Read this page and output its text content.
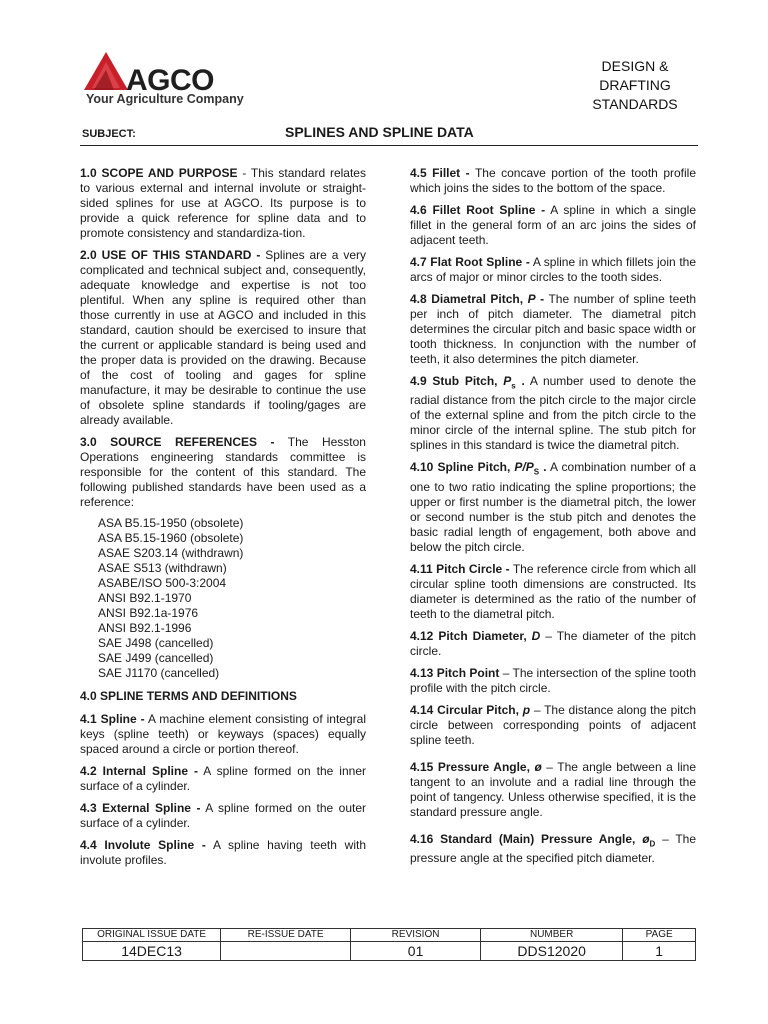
AGCO
Your Agriculture Company
DESIGN &
DRAFTING
STANDARDS
SUBJECT:	SPLINES AND SPLINE DATA

1.0 SCOPE AND PURPOSE - This standard relates to various external and internal involute or straight-sided splines for use at AGCO. Its purpose is to provide a quick reference for spline data and to promote consistency and standardiza-tion.

2.0 USE OF THIS STANDARD - Splines are a very complicated and technical subject and, consequently, adequate knowledge and expertise is not too plentiful. When any spline is required other than those currently in use at AGCO and included in this standard, caution should be exercised to insure that the current or applicable standard is being used and the proper data is provided on the drawing. Because of the cost of tooling and gages for spline manufacture, it may be desirable to continue the use of obsolete spline standards if tooling/gages are already available.

3.0 SOURCE REFERENCES - The Hesston Operations engineering standards committee is responsible for the content of this standard. The following published standards have been used as a reference:

ASA B5.15-1950 (obsolete)
ASA B5.15-1960 (obsolete)
ASAE S203.14 (withdrawn)
ASAE S513 (withdrawn)
ASABE/ISO 500-3:2004
ANSI B92.1-1970
ANSI B92.1a-1976
ANSI B92.1-1996
SAE J498 (cancelled)
SAE J499 (cancelled)
SAE J1170 (cancelled)
4.0 SPLINE TERMS AND DEFINITIONS

4.1 Spline - A machine element consisting of integral keys (spline teeth) or keyways (spaces) equally spaced around a circle or portion thereof.

4.2 Internal Spline - A spline formed on the inner surface of a cylinder.

4.3 External Spline - A spline formed on the outer surface of a cylinder.

4.4 Involute Spline - A spline having teeth with involute profiles.

4.5 Fillet - The concave portion of the tooth profile which joins the sides to the bottom of the space.

4.6 Fillet Root Spline - A spline in which a single fillet in the general form of an arc joins the sides of adjacent teeth.

4.7 Flat Root Spline - A spline in which fillets join the arcs of major or minor circles to the tooth sides.

4.8 Diametral Pitch, P - The number of spline teeth per inch of pitch diameter. The diametral pitch determines the circular pitch and basic space width or tooth thickness. In conjunction with the number of teeth, it also determines the pitch diameter.

4.9 Stub Pitch, $P_s$ . A number used to denote the radial distance from the pitch circle to the major circle of the external spline and from the pitch circle to the minor circle of the internal spline. The stub pitch for splines in this standard is twice the diametral pitch.

4.10 Spline Pitch, $P/P_S$ . A combination number of a one to two ratio indicating the spline proportions; the upper or first number is the diametral pitch, the lower or second number is the stub pitch and denotes the basic radial length of engagement, both above and below the pitch circle.

4.11 Pitch Circle - The reference circle from which all circular spline tooth dimensions are constructed. Its diameter is determined as the ratio of the number of teeth to the diametral pitch.

4.12 Pitch Diameter, D – The diameter of the pitch circle.

4.13 Pitch Point – The intersection of the spline tooth profile with the pitch circle.

4.14 Circular Pitch, p – The distance along the pitch circle between corresponding points of adjacent spline teeth.

4.15 Pressure Angle, ø – The angle between a line tangent to an involute and a radial line through the point of tangency. Unless otherwise specified, it is the standard pressure angle.

4.16 Standard (Main) Pressure Angle, $ø_D$ – The pressure angle at the specified pitch diameter.

ORIGINAL ISSUE DATE	RE-ISSUE DATE	REVISION	NUMBER	PAGE
14DEC13		01	DDS12020	1
